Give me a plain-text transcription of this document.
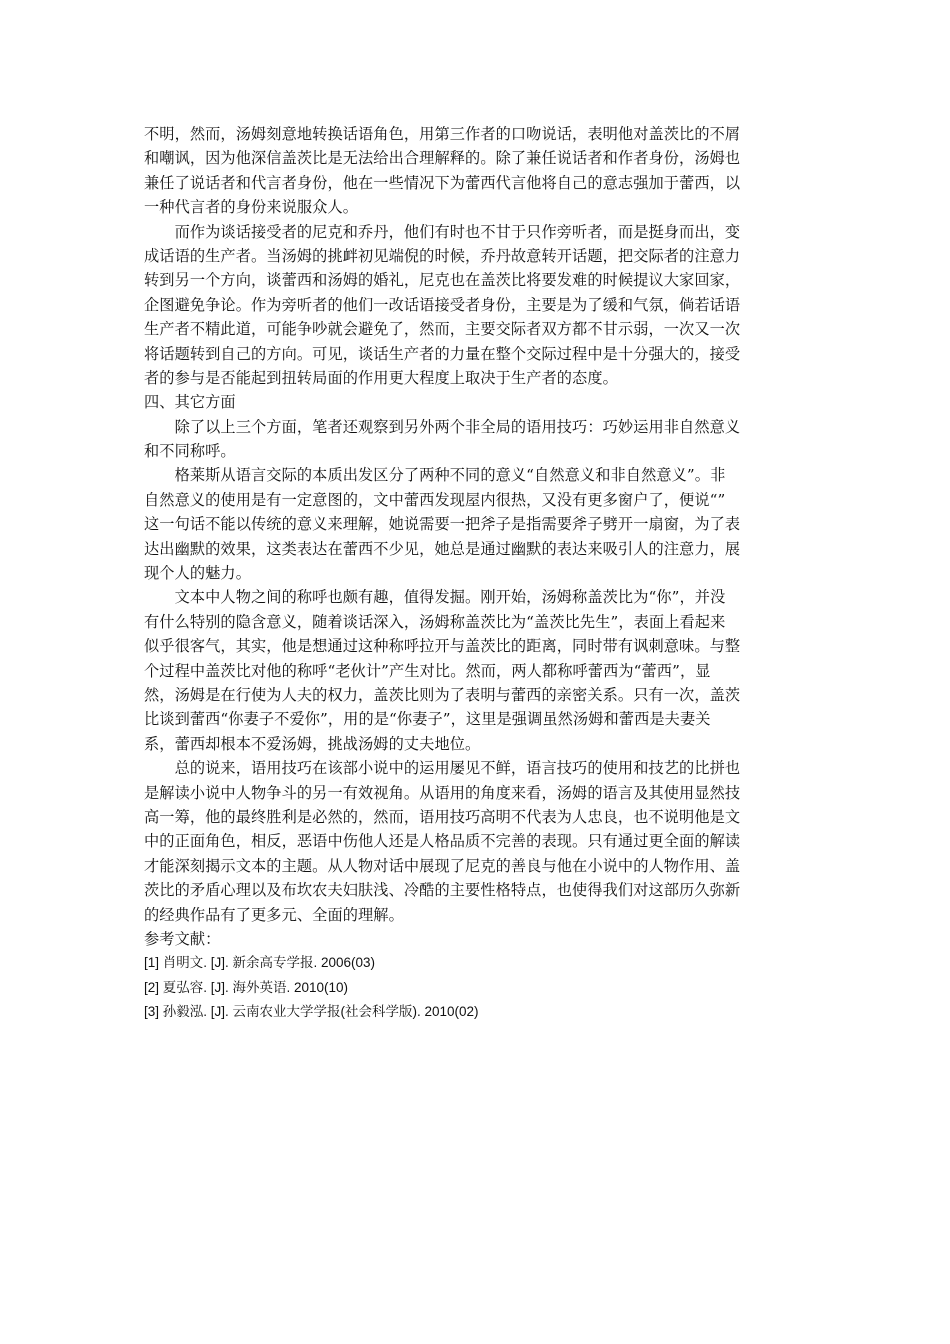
不明，然而，汤姆刻意地转换话语角色，用第三作者的口吻说话，表明他对盖茨比的不屑
和嘲讽，因为他深信盖茨比是无法给出合理解释的。除了兼任说话者和作者身份，汤姆也
兼任了说话者和代言者身份，他在一些情况下为蕾西代言他将自己的意志强加于蕾西，以
一种代言者的身份来说服众人。
　　而作为谈话接受者的尼克和乔丹，他们有时也不甘于只作旁听者，而是挺身而出，变
成话语的生产者。当汤姆的挑衅初见端倪的时候，乔丹故意转开话题，把交际者的注意力
转到另一个方向，谈蕾西和汤姆的婚礼，尼克也在盖茨比将要发难的时候提议大家回家，
企图避免争论。作为旁听者的他们一改话语接受者身份，主要是为了缓和气氛，倘若话语
生产者不精此道，可能争吵就会避免了，然而，主要交际者双方都不甘示弱，一次又一次
将话题转到自己的方向。可见，谈话生产者的力量在整个交际过程中是十分强大的，接受
者的参与是否能起到扭转局面的作用更大程度上取决于生产者的态度。
四、其它方面
　　除了以上三个方面，笔者还观察到另外两个非全局的语用技巧：巧妙运用非自然意义
和不同称呼。
　　格莱斯从语言交际的本质出发区分了两种不同的意义“自然意义和非自然意义”。非
自然意义的使用是有一定意图的，文中蕾西发现屋内很热，又没有更多窗户了，便说“”
这一句话不能以传统的意义来理解，她说需要一把斧子是指需要斧子劈开一扇窗，为了表
达出幽默的效果，这类表达在蕾西不少见，她总是通过幽默的表达来吸引人的注意力，展
现个人的魅力。
　　文本中人物之间的称呼也颇有趣，值得发掘。刚开始，汤姆称盖茨比为“你”，并没
有什么特别的隐含意义，随着谈话深入，汤姆称盖茨比为“盖茨比先生”，表面上看起来
似乎很客气，其实，他是想通过这种称呼拉开与盖茨比的距离，同时带有讽刺意味。与整
个过程中盖茨比对他的称呼“老伙计”产生对比。然而，两人都称呼蕾西为“蕾西”，显
然，汤姆是在行使为人夫的权力，盖茨比则为了表明与蕾西的亲密关系。只有一次，盖茨
比谈到蕾西“你妻子不爱你”，用的是“你妻子”，这里是强调虽然汤姆和蕾西是夫妻关
系，蕾西却根本不爱汤姆，挑战汤姆的丈夫地位。
　　总的说来，语用技巧在该部小说中的运用屡见不鲜，语言技巧的使用和技艺的比拼也
是解读小说中人物争斗的另一有效视角。从语用的角度来看，汤姆的语言及其使用显然技
高一筹，他的最终胜利是必然的，然而，语用技巧高明不代表为人忠良，也不说明他是文
中的正面角色，相反，恶语中伤他人还是人格品质不完善的表现。只有通过更全面的解读
才能深刻揭示文本的主题。从人物对话中展现了尼克的善良与他在小说中的人物作用、盖
茨比的矛盾心理以及布坎农夫妇肤浅、冷酷的主要性格特点，也使得我们对这部历久弥新
的经典作品有了更多元、全面的理解。
参考文献：
[1] 肖明文. [J]. 新余高专学报. 2006(03)
[2] 夏弘容. [J]. 海外英语. 2010(10)
[3] 孙毅泓. [J]. 云南农业大学学报(社会科学版). 2010(02)
